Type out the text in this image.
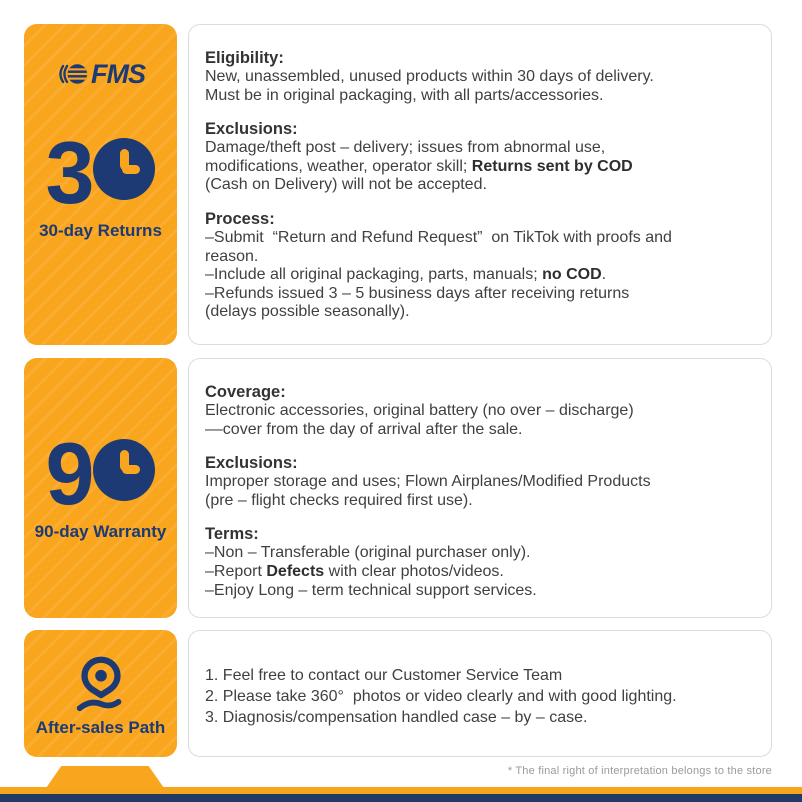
FMS
3
30-day Returns
Eligibility:
New, unassembled, unused products within 30 days of delivery.
Must be in original packaging, with all parts/accessories.
Exclusions:
Damage/theft post – delivery; issues from abnormal use,
modifications, weather, operator skill; Returns sent by COD
(Cash on Delivery) will not be accepted.
Process:
–Submit  “Return and Refund Request”  on TikTok with proofs and
reason.
–Include all original packaging, parts, manuals; no COD.
–Refunds issued 3 – 5 business days after receiving returns
(delays possible seasonally).
9
90-day Warranty
Coverage:
Electronic accessories, original battery (no over – discharge)
––cover from the day of arrival after the sale.
Exclusions:
Improper storage and uses; Flown Airplanes/Modified Products
(pre – flight checks required first use).
Terms:
–Non – Transferable (original purchaser only).
–Report Defects with clear photos/videos.
–Enjoy Long – term technical support services.
After-sales Path
1. Feel free to contact our Customer Service Team
2. Please take 360°  photos or video clearly and with good lighting.
3. Diagnosis/compensation handled case – by – case.
* The final right of interpretation belongs to the store
